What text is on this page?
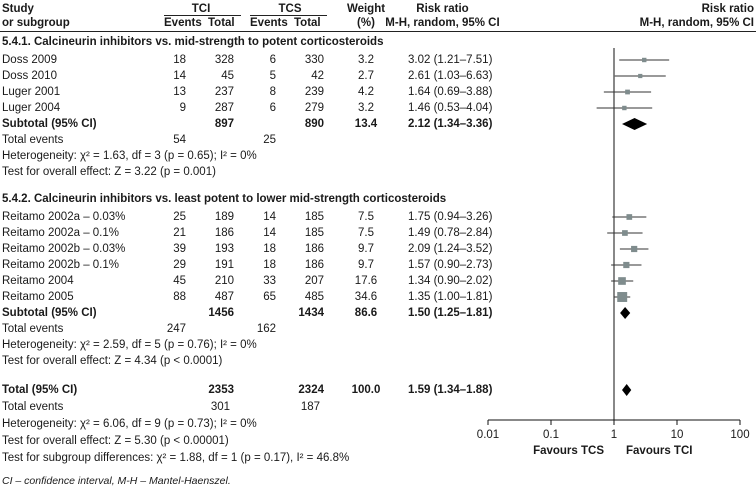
Study
or subgroup
TCI	TCS
Events Total Events Total
Weight
(%)
Risk ratio
M-H, random, 95% CI
Risk ratio
M-H, random, 95% CI
5.4.1. Calcineurin inhibitors vs. mid-strength to potent corticosteroids
Doss 2009	18	328	6	330	3.2	3.02 (1.21–7.51)
Doss 2010	14	45	5	42	2.7	2.61 (1.03–6.63)
Luger 2001	13	237	8	239	4.2	1.64 (0.69–3.88)
Luger 2004	9	287	6	279	3.2	1.46 (0.53–4.04)
Subtotal (95% CI)	897	890	13.4	2.12 (1.34–3.36)
Total events	54	25
Heterogeneity: χ² = 1.63, df = 3 (p = 0.65); I² = 0%
Test for overall effect: Z = 3.22 (p = 0.001)
5.4.2. Calcineurin inhibitors vs. least potent to lower mid-strength corticosteroids
Reitamo 2002a – 0.03%	25	189	14	185	7.5	1.75 (0.94–3.26)
Reitamo 2002a – 0.1%	21	186	14	185	7.5	1.49 (0.78–2.84)
Reitamo 2002b – 0.03%	39	193	18	186	9.7	2.09 (1.24–3.52)
Reitamo 2002b – 0.1%	29	191	18	186	9.7	1.57 (0.90–2.73)
Reitamo 2004	45	210	33	207	17.6	1.34 (0.90–2.02)
Reitamo 2005	88	487	65	485	34.6	1.35 (1.00–1.81)
Subtotal (95% CI)	1456	1434	86.6	1.50 (1.25–1.81)
Total events	247	162
Heterogeneity: χ² = 2.59, df = 5 (p = 0.76); I² = 0%
Test for overall effect: Z = 4.34 (p < 0.0001)
Total (95% CI)	2353	2324	100.0	1.59 (1.34–1.88)
Total events	301	187
Heterogeneity: χ² = 6.06, df = 9 (p = 0.73); I² = 0%
Test for overall effect: Z = 5.30 (p < 0.00001)
Test for subgroup differences: χ² = 1.88, df = 1 (p = 0.17), I² = 46.8%
CI – confidence interval, M-H – Mantel-Haenszel.
0.01	0.1	1	10	100
Favours TCS Favours TCI
